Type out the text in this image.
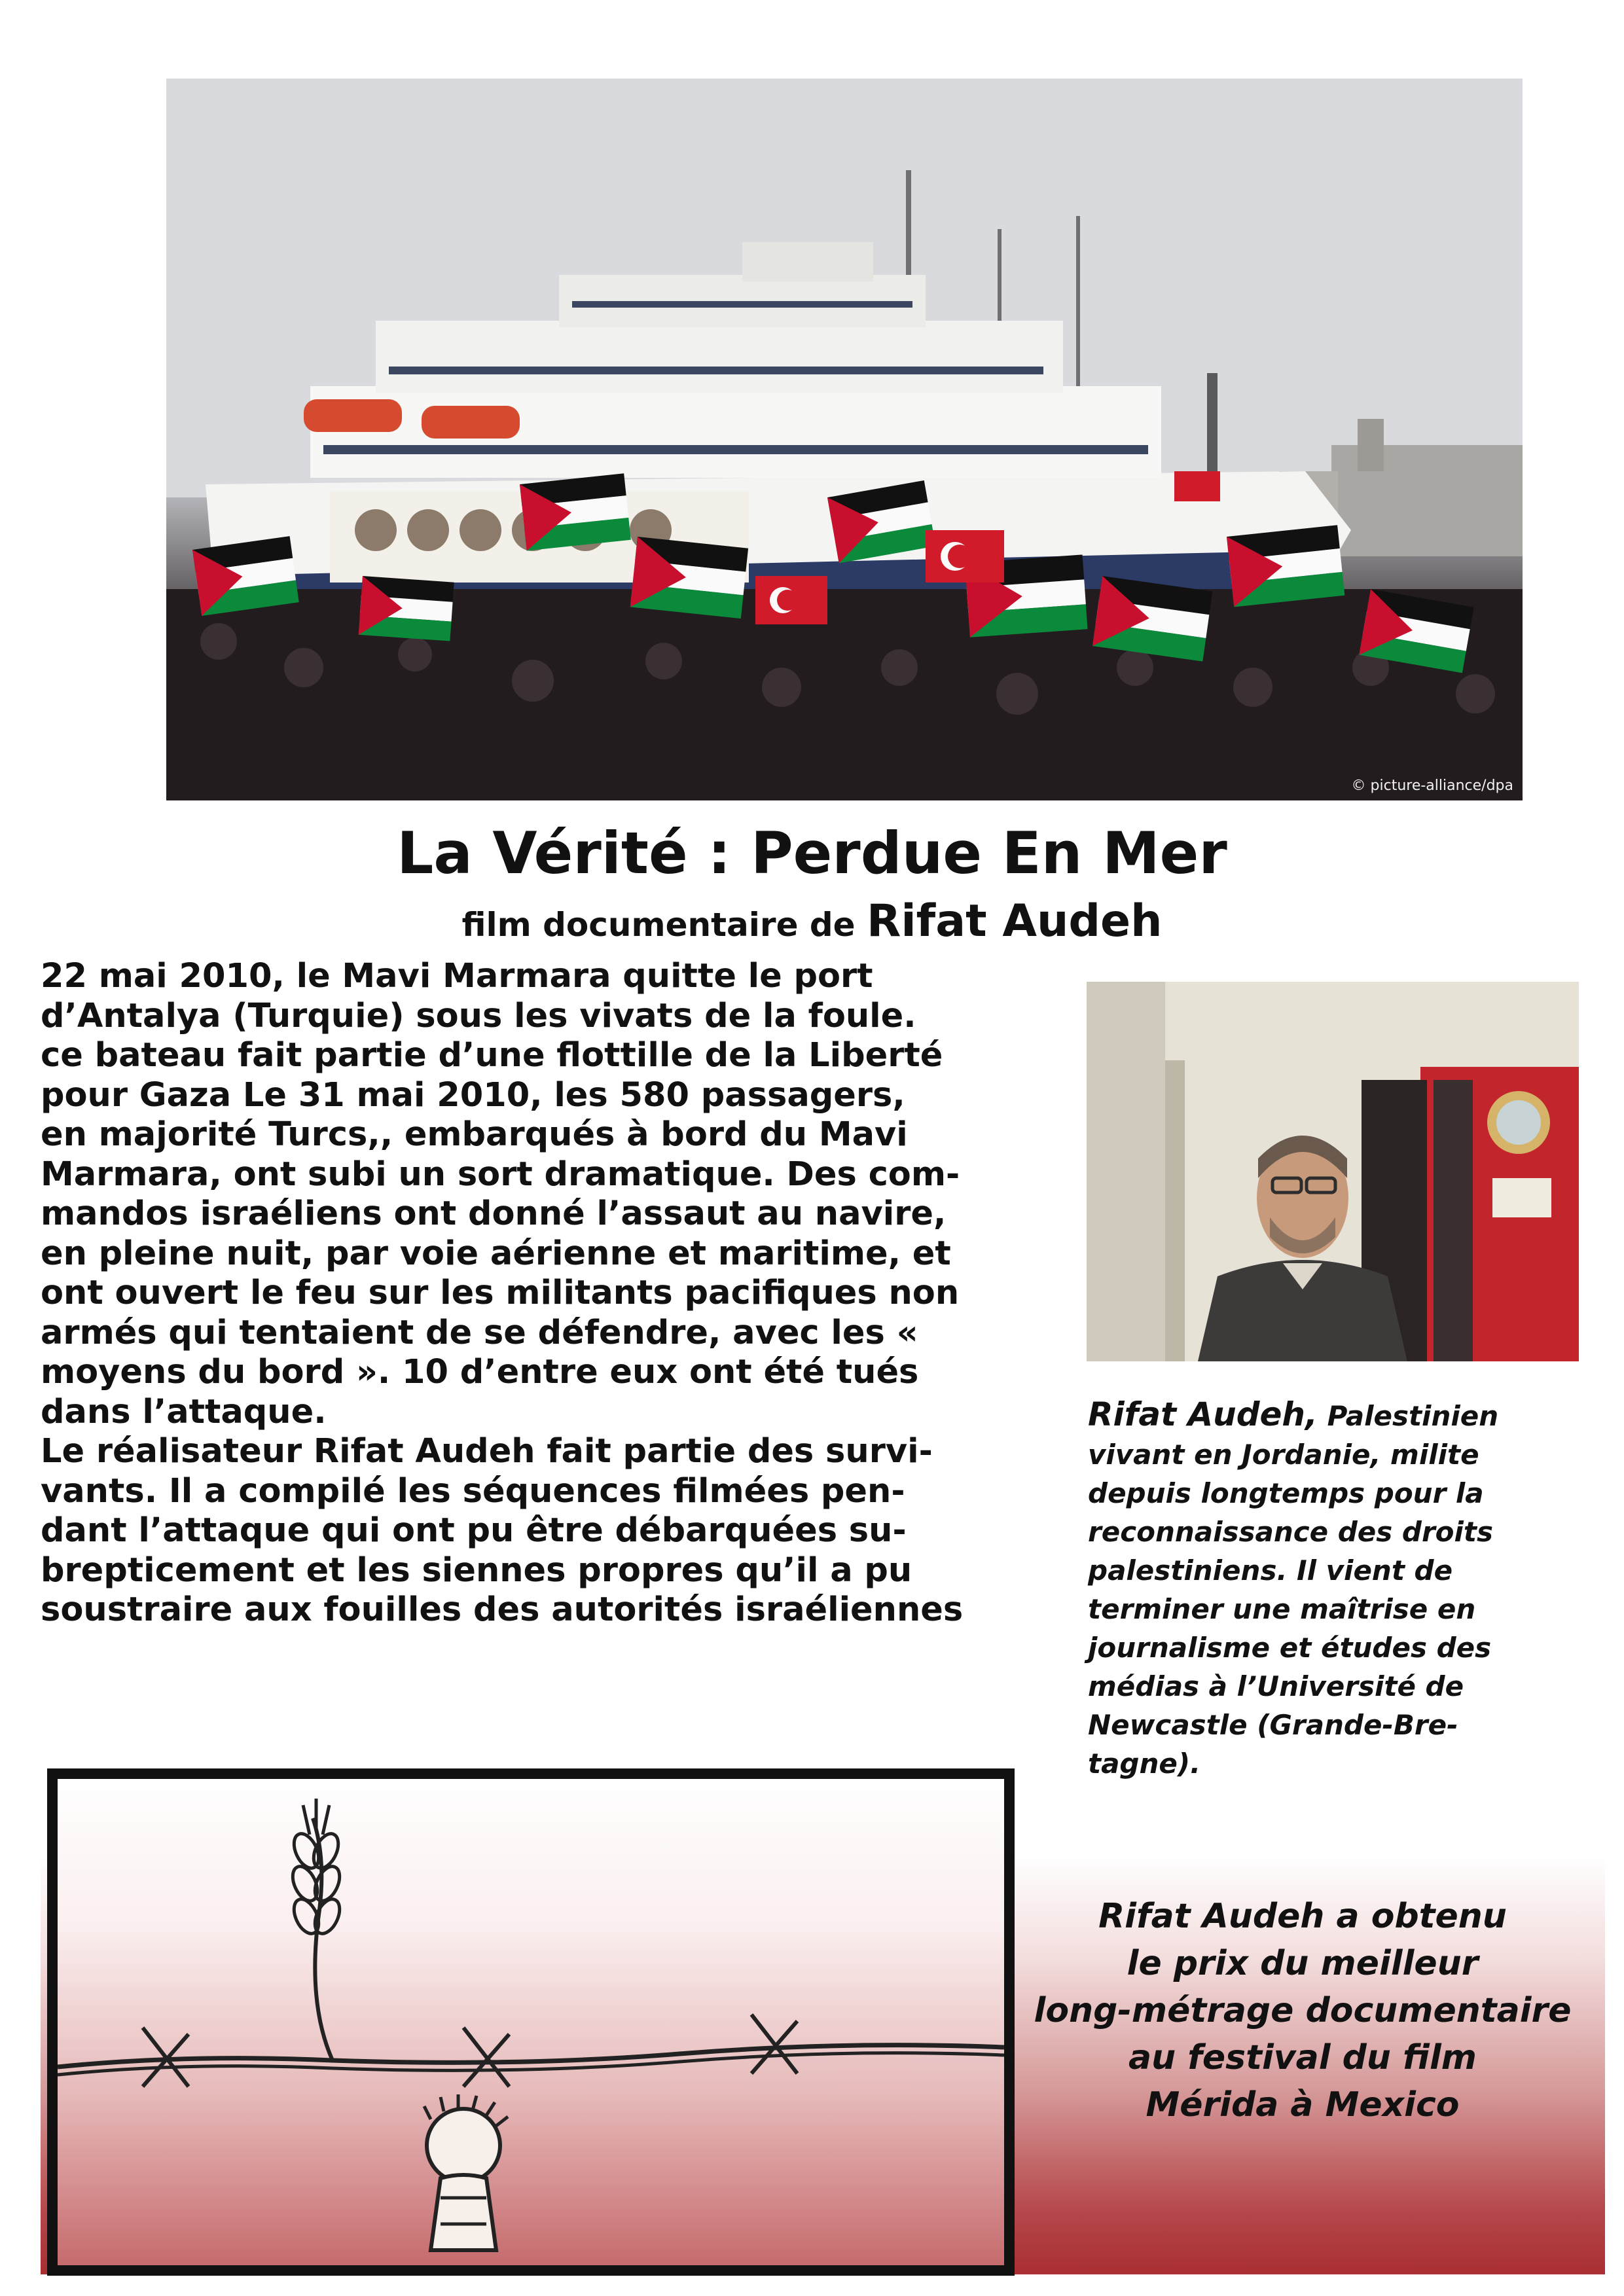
© picture-alliance/dpa
La Vérité : Perdue En Mer
film documentaire de Rifat Audeh

22 mai 2010, le Mavi Marmara quitte le port

d’Antalya (Turquie) sous les vivats de la foule.

ce bateau fait partie d’une flottille de la Liberté

pour Gaza Le 31 mai 2010, les 580 passagers,

en majorité Turcs,, embarqués à bord du Mavi

Marmara, ont subi un sort dramatique. Des com-

mandos israéliens ont donné l’assaut au navire,

en pleine nuit, par voie aérienne et maritime, et

ont ouvert le feu sur les militants pacifiques non

armés qui tentaient de se défendre, avec les «

moyens du bord ». 10 d’entre eux ont été tués

dans l’attaque.

Le réalisateur Rifat Audeh fait partie des survi-

vants. Il a compilé les séquences filmées pen-

dant l’attaque qui ont pu être débarquées su-

brepticement et les siennes propres qu’il a pu

soustraire aux fouilles des autorités israéliennes

Rifat Audeh, Palestinien
vivant en Jordanie, milite
depuis longtemps pour la
reconnaissance des droits
palestiniens. Il vient de
terminer une maîtrise en
journalisme et études des
médias à l’Université de
Newcastle (Grande-Bre-
tagne).
Rifat Audeh a obtenu
le prix du meilleur
long-métrage documentaire
au festival du film
Mérida à Mexico
